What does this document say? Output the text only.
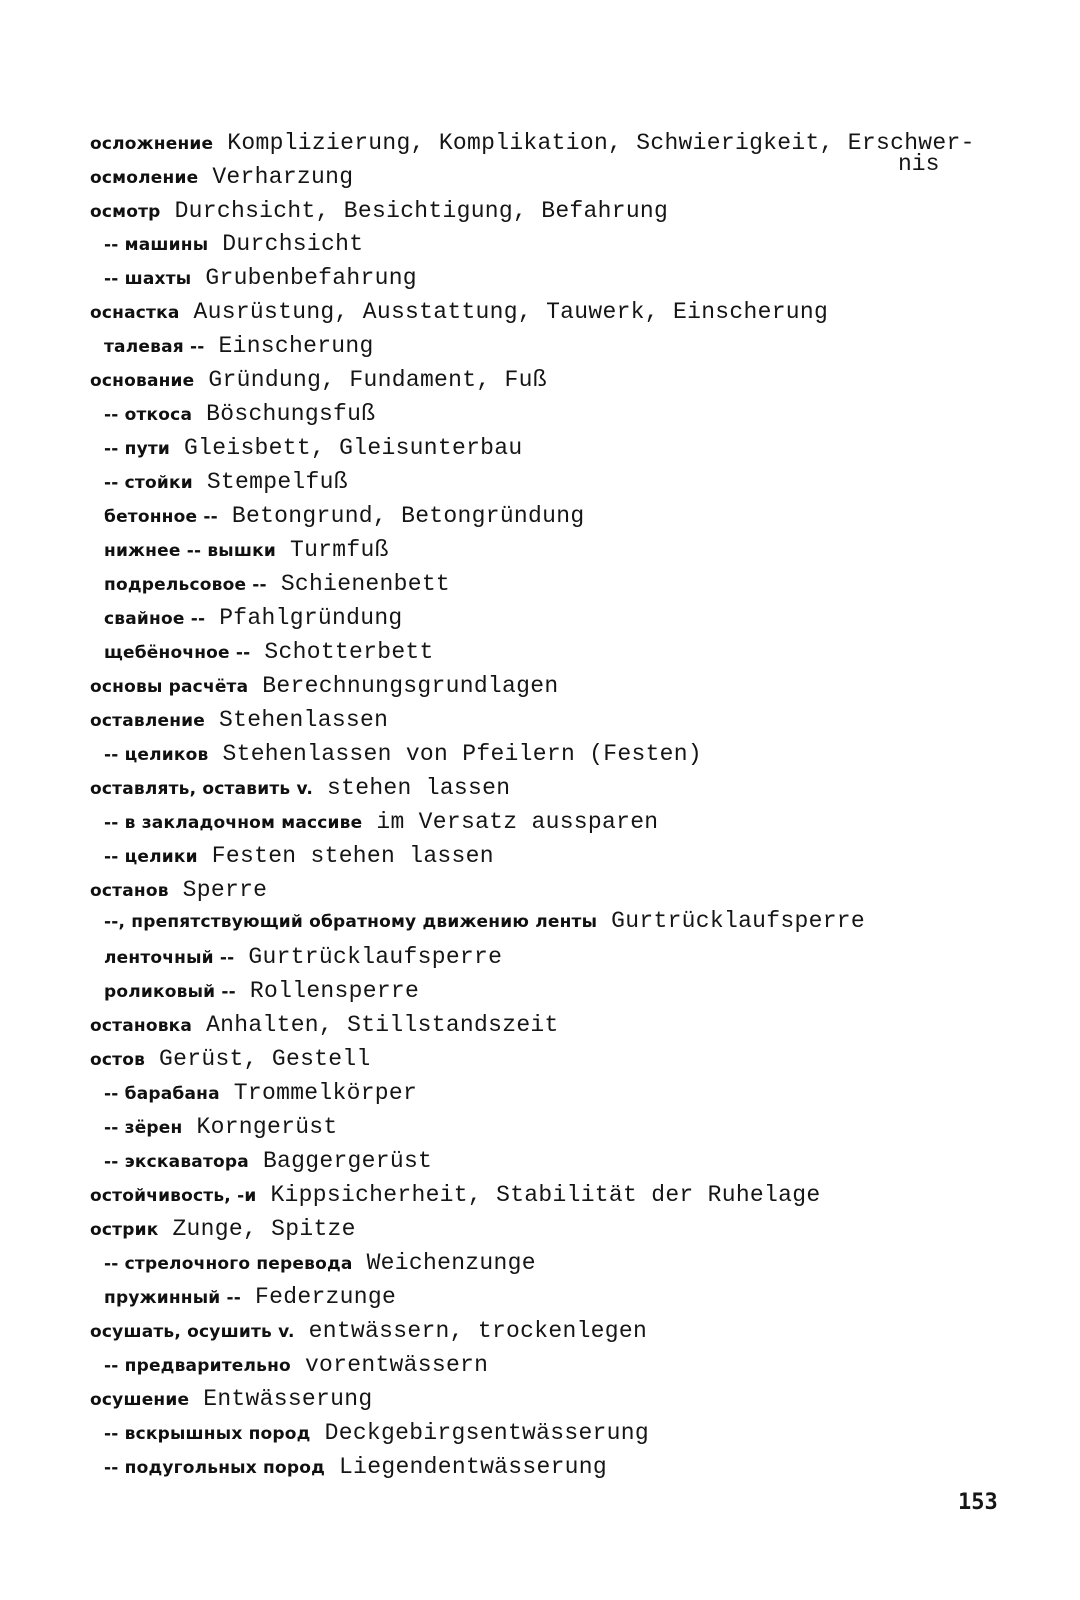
осложнение Komplizierung, Komplikation, Schwierigkeit, Erschwer-
nis
осмоление Verharzung
осмотр Durchsicht, Besichtigung, Befahrung
-- машины Durchsicht
-- шахты Grubenbefahrung
оснастка Ausrüstung, Ausstattung, Tauwerk, Einscherung
талевая -- Einscherung
основание Gründung, Fundament, Fuß
-- откоса Böschungsfuß
-- пути Gleisbett, Gleisunterbau
-- стойки Stempelfuß
бетонное -- Betongrund, Betongründung
нижнее -- вышки Turmfuß
подрельсовое -- Schienenbett
свайное -- Pfahlgründung
щебёночное -- Schotterbett
основы расчёта Berechnungsgrundlagen
оставление Stehenlassen
-- целиков Stehenlassen von Pfeilern (Festen)
оставлять, оставить v. stehen lassen
-- в закладочном массиве im Versatz aussparen
-- целики Festen stehen lassen
останов Sperre
--, препятствующий обратному движению ленты Gurtrücklaufsperre
ленточный -- Gurtrücklaufsperre
роликовый -- Rollensperre
остановка Anhalten, Stillstandszeit
остов Gerüst, Gestell
-- барабана Trommelkörper
-- зёрен Korngerüst
-- экскаватора Baggergerüst
остойчивость, -и Kippsicherheit, Stabilität der Ruhelage
острик Zunge, Spitze
-- стрелочного перевода Weichenzunge
пружинный -- Federzunge
осушать, осушить v. entwässern, trockenlegen
-- предварительно vorentwässern
осушение Entwässerung
-- вскрышных пород Deckgebirgsentwässerung
-- подугольных пород Liegendentwässerung
153
